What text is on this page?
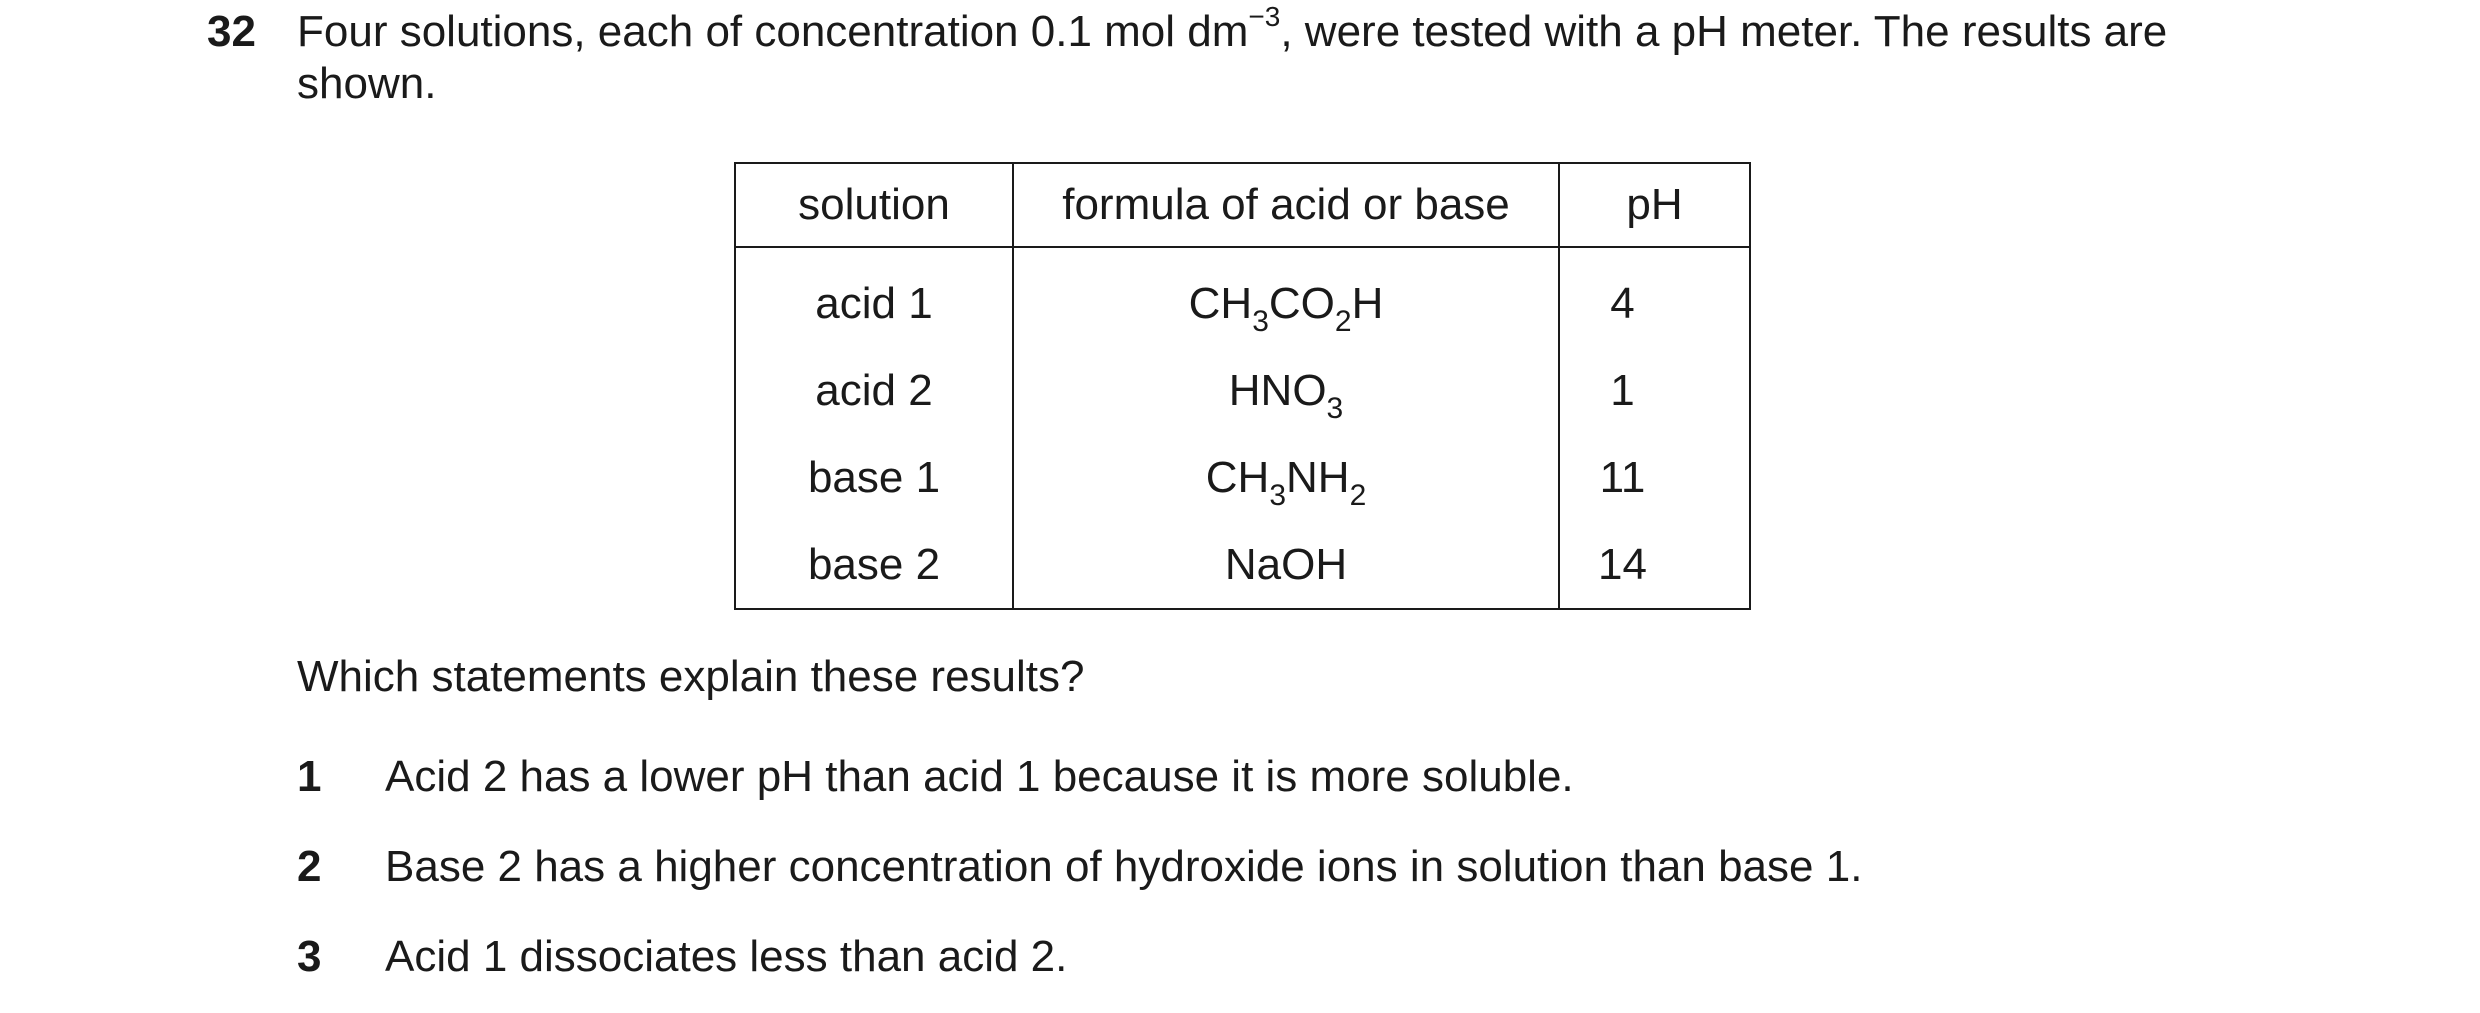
32 Four solutions, each of concentration 0.1 mol $dm^{-3}$, were tested with a pH meter. The results are
shown.
solution	formula of acid or base	pH
acid 1	$CH_3CO_2H$	4
acid 2	$HNO_3$	1
base 1	$CH_3NH_2$	11
base 2	NaOH	14
Which statements explain these results?
1 Acid 2 has a lower pH than acid 1 because it is more soluble.
2 Base 2 has a higher concentration of hydroxide ions in solution than base 1.
3 Acid 1 dissociates less than acid 2.
